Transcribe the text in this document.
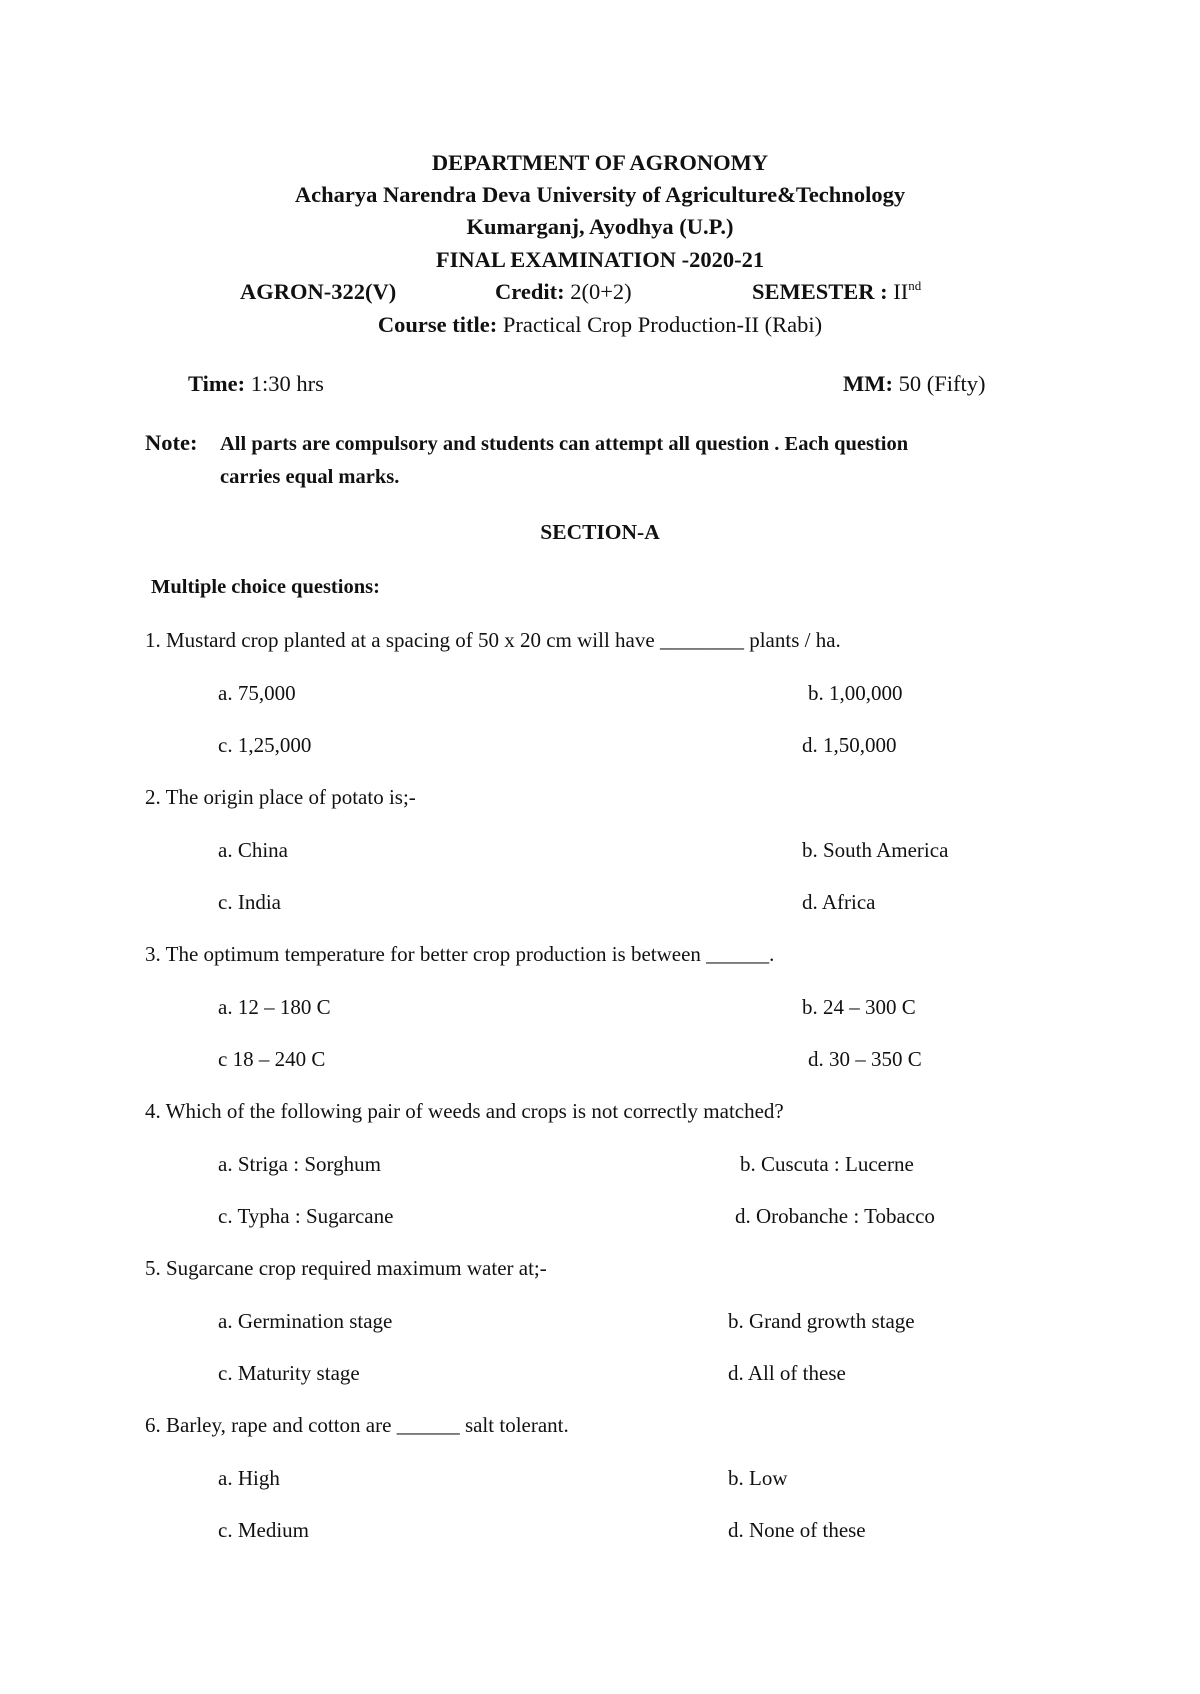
DEPARTMENT OF AGRONOMY
Acharya Narendra Deva University of Agriculture&Technology
Kumarganj, Ayodhya (U.P.)
FINAL EXAMINATION -2020-21
AGRON-322(V)	Credit: 2(0+2)	SEMESTER : IInd
Course title: Practical Crop Production-II (Rabi)
Time: 1:30 hrs	MM: 50 (Fifty)
Note: All parts are compulsory and students can attempt all question . Each question
carries equal marks.
SECTION-A
Multiple choice questions:
1. Mustard crop planted at a spacing of 50 x 20 cm will have ________ plants / ha.
a. 75,000	b. 1,00,000
c. 1,25,000	d. 1,50,000
2. The origin place of potato is;-
a. China	b. South America
c. India	d. Africa
3. The optimum temperature for better crop production is between ______.
a. 12 – 180 C	b. 24 – 300 C
c 18 – 240 C	d. 30 – 350 C
4. Which of the following pair of weeds and crops is not correctly matched?
a. Striga : Sorghum	b. Cuscuta : Lucerne
c. Typha : Sugarcane	d. Orobanche : Tobacco
5. Sugarcane crop required maximum water at;-
a. Germination stage	b. Grand growth stage
c. Maturity stage	d. All of these
6. Barley, rape and cotton are ______ salt tolerant.
a. High	b. Low
c. Medium	d. None of these
